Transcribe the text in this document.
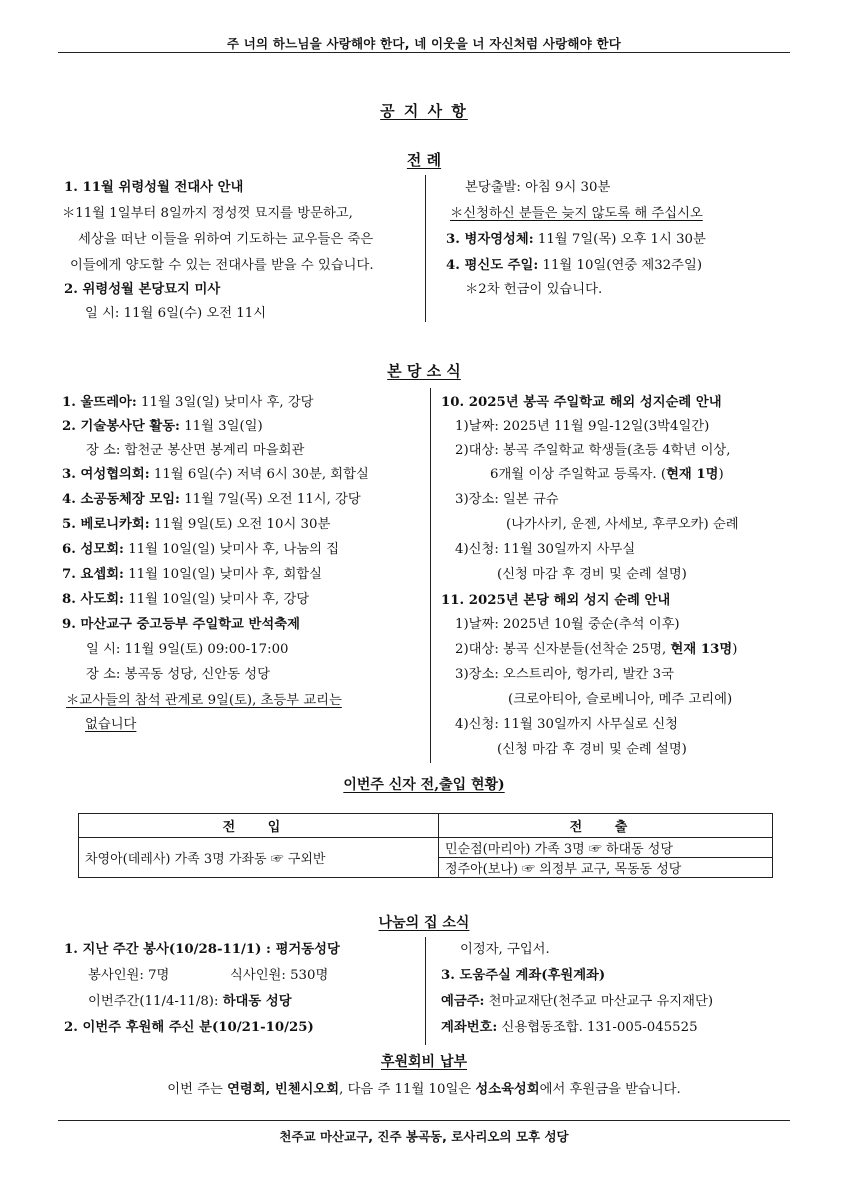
주 너의 하느님을 사랑해야 한다, 네 이웃을 너 자신처럼 사랑해야 한다
공 지 사 항
전 례
1. 11월 위령성월 전대사 안내
＊11월 1일부터 8일까지 정성껏 묘지를 방문하고,
세상을 떠난 이들을 위하여 기도하는 교우들은 죽은
이들에게 양도할 수 있는 전대사를 받을 수 있습니다.
2. 위령성월 본당묘지 미사
일 시: 11월 6일(수) 오전 11시
본당출발: 아침 9시 30분
＊신청하신 분들은 늦지 않도록 해 주십시오
3. 병자영성체: 11월 7일(목) 오후 1시 30분
4. 평신도 주일: 11월 10일(연중 제32주일)
＊2차 헌금이 있습니다.
본 당 소 식
1. 울뜨레아: 11월 3일(일) 낮미사 후, 강당
2. 기술봉사단 활동: 11월 3일(일)
장 소: 합천군 봉산면 봉계리 마을회관
3. 여성협의회: 11월 6일(수) 저녁 6시 30분, 회합실
4. 소공동체장 모임: 11월 7일(목) 오전 11시, 강당
5. 베로니카회: 11월 9일(토) 오전 10시 30분
6. 성모회: 11월 10일(일) 낮미사 후, 나눔의 집
7. 요셉회: 11월 10일(일) 낮미사 후, 회합실
8. 사도회: 11월 10일(일) 낮미사 후, 강당
9. 마산교구 중고등부 주일학교 반석축제
일 시: 11월 9일(토) 09:00-17:00
장 소: 봉곡동 성당, 신안동 성당
＊교사들의 참석 관계로 9일(토), 초등부 교리는
없습니다
10. 2025년 봉곡 주일학교 해외 성지순례 안내
1)날짜: 2025년 11월 9일-12일(3박4일간)
2)대상: 봉곡 주일학교 학생들(초등 4학년 이상,
6개월 이상 주일학교 등록자. (현재 1명)
3)장소: 일본 규슈
(나가사키, 운젠, 사세보, 후쿠오카) 순례
4)신청: 11월 30일까지 사무실
(신청 마감 후 경비 및 순례 설명)
11. 2025년 본당 해외 성지 순례 안내
1)날짜: 2025년 10월 중순(추석 이후)
2)대상: 봉곡 신자분들(선착순 25명, 현재 13명)
3)장소: 오스트리아, 헝가리, 발칸 3국
(크로아티아, 슬로베니아, 메주 고리에)
4)신청: 11월 30일까지 사무실로 신청
(신청 마감 후 경비 및 순례 설명)
이번주 신자 전,출입 현황)
전 입	전 출
차영아(데레사) 가족 3명 가좌동 ☞ 구외반	민순점(마리아) 가족 3명 ☞ 하대동 성당
	정주아(보나) ☞ 의정부 교구, 목동동 성당
나눔의 집 소식
1. 지난 주간 봉사(10/28-11/1) : 평거동성당
봉사인원: 7명	식사인원: 530명
이번주간(11/4-11/8): 하대동 성당
2. 이번주 후원해 주신 분(10/21-10/25)
이정자, 구입서.
3. 도움주실 계좌(후원계좌)
예금주: 천마교재단(천주교 마산교구 유지재단)
계좌번호: 신용협동조합. 131-005-045525
후원회비 납부
이번 주는 연령회, 빈첸시오회, 다음 주 11월 10일은 성소육성회에서 후원금을 받습니다.
천주교 마산교구, 진주 봉곡동, 로사리오의 모후 성당
